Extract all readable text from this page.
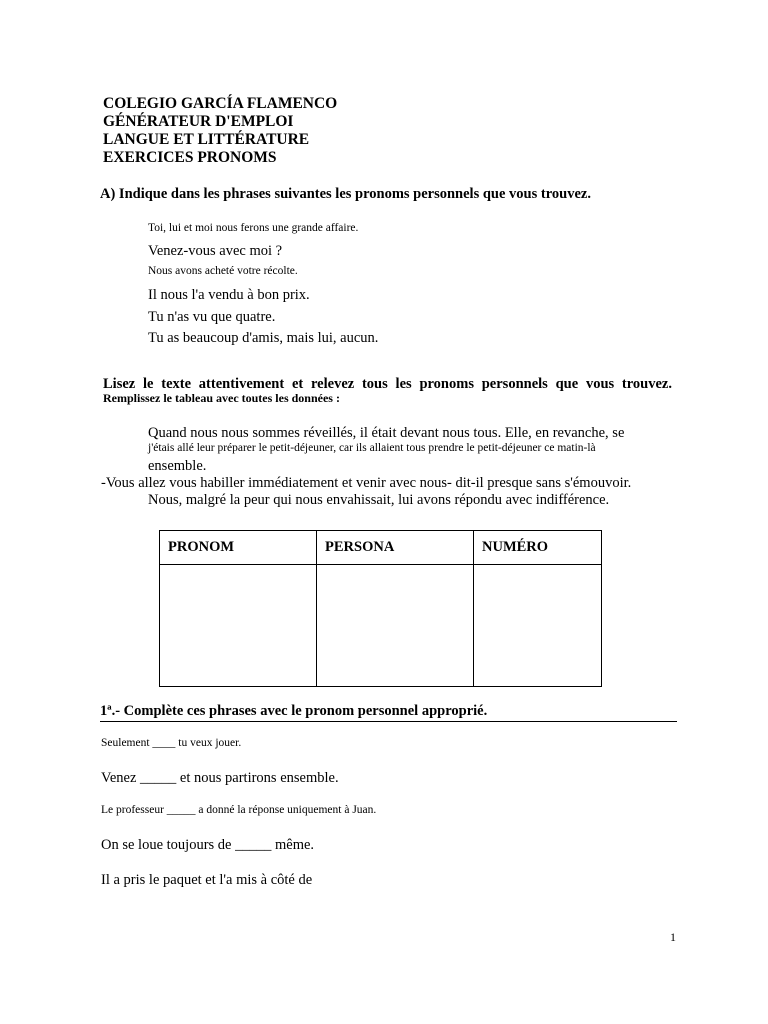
COLEGIO GARCÍA FLAMENCO
GÉNÉRATEUR D'EMPLOI
LANGUE ET LITTÉRATURE
EXERCICES PRONOMS
A) Indique dans les phrases suivantes les pronoms personnels que vous trouvez.
Toi, lui et moi nous ferons une grande affaire.
Venez-vous avec moi ?
Nous avons acheté votre récolte.
Il nous l'a vendu à bon prix.
Tu n'as vu que quatre.
Tu as beaucoup d'amis, mais lui, aucun.
Lisez le texte attentivement et relevez tous les pronoms personnels que vous trouvez.
Remplissez le tableau avec toutes les données :
Quand nous nous sommes réveillés, il était devant nous tous. Elle, en revanche, se
j'étais allé leur préparer le petit-déjeuner, car ils allaient tous prendre le petit-déjeuner ce matin-là
ensemble.
-Vous allez vous habiller immédiatement et venir avec nous- dit-il presque sans s'émouvoir.
Nous, malgré la peur qui nous envahissait, lui avons répondu avec indifférence.
PRONOM	PERSONA	NUMÉRO

1ª.- Complète ces phrases avec le pronom personnel approprié.
Seulement ____ tu veux jouer.
Venez _____ et nous partirons ensemble.
Le professeur _____ a donné la réponse uniquement à Juan.
On se loue toujours de _____ même.
Il a pris le paquet et l'a mis à côté de
1
